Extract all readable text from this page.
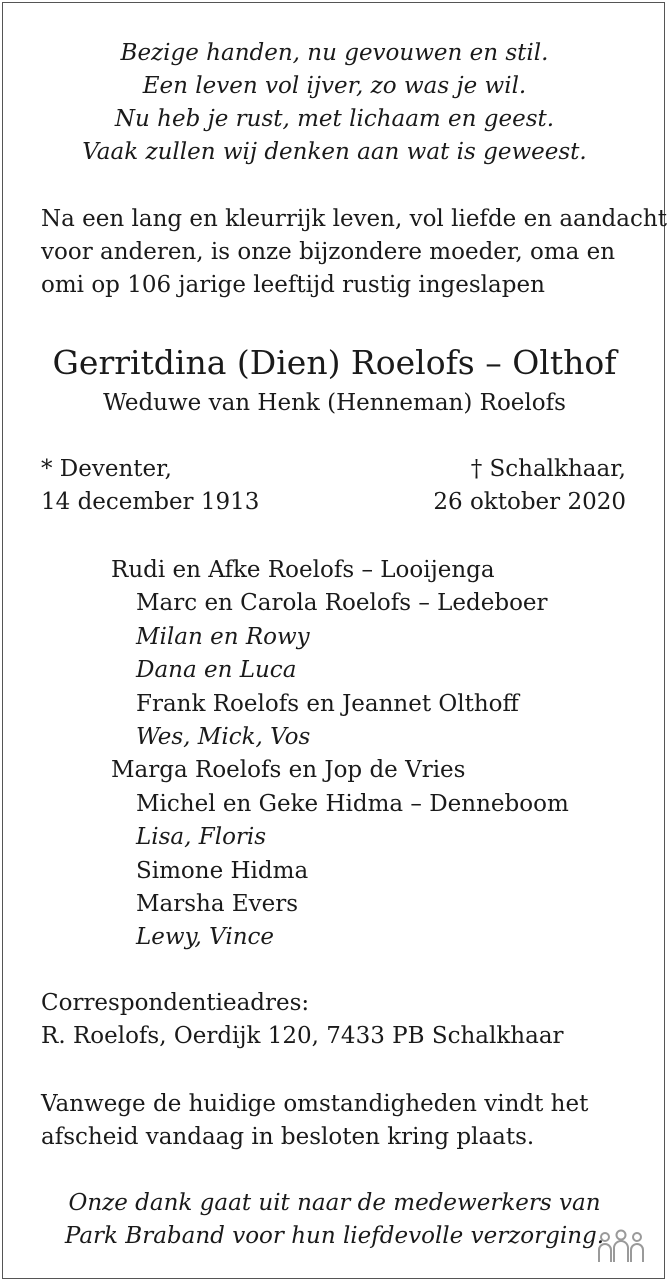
Bezige handen, nu gevouwen en stil.
Een leven vol ijver, zo was je wil.
Nu heb je rust, met lichaam en geest.
Vaak zullen wij denken aan wat is geweest.
Na een lang en kleurrijk leven, vol liefde en aandacht
voor anderen, is onze bijzondere moeder, oma en
omi op 106 jarige leeftijd rustig ingeslapen
Gerritdina (Dien) Roelofs – Olthof
Weduwe van Henk (Henneman) Roelofs
* Deventer,
14 december 1913
† Schalkhaar,
26 oktober 2020
Rudi en Afke Roelofs – Looijenga
Marc en Carola Roelofs – Ledeboer
Milan en Rowy
Dana en Luca
Frank Roelofs en Jeannet Olthoff
Wes, Mick, Vos
Marga Roelofs en Jop de Vries
Michel en Geke Hidma – Denneboom
Lisa, Floris
Simone Hidma
Marsha Evers
Lewy, Vince
Correspondentieadres:
R. Roelofs, Oerdijk 120, 7433 PB Schalkhaar
Vanwege de huidige omstandigheden vindt het
afscheid vandaag in besloten kring plaats.
Onze dank gaat uit naar de medewerkers van
Park Braband voor hun liefdevolle verzorging.
